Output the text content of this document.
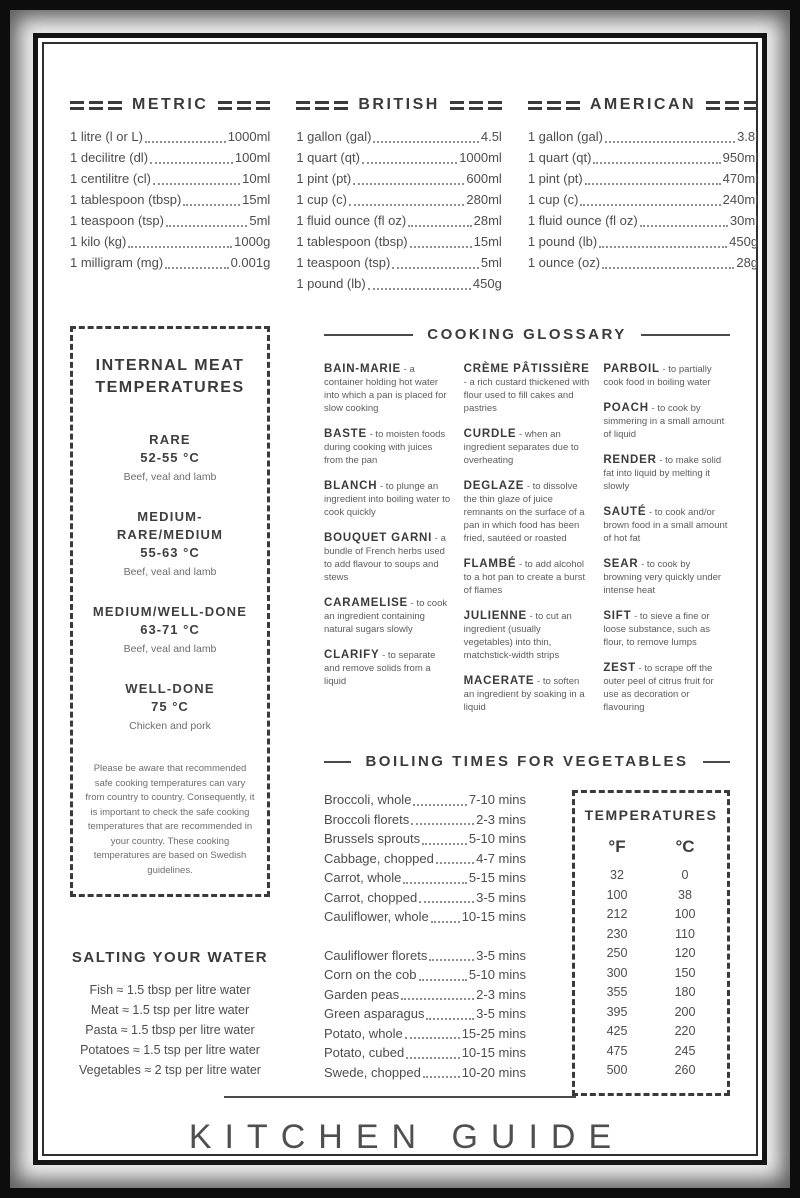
METRIC
1 litre (l or L)	1000ml
1 decilitre (dl)	100ml
1 centilitre (cl)	10ml
1 tablespoon (tbsp)	15ml
1 teaspoon (tsp)	5ml
1 kilo (kg)	1000g
1 milligram (mg)	0.001g
BRITISH
1 gallon (gal)	4.5l
1 quart (qt)	1000ml
1 pint (pt)	600ml
1 cup (c)	280ml
1 fluid ounce (fl oz)	28ml
1 tablespoon (tbsp)	15ml
1 teaspoon (tsp)	5ml
1 pound (lb)	450g
AMERICAN
1 gallon (gal)	3.8l
1 quart (qt)	950ml
1 pint (pt)	470ml
1 cup (c)	240ml
1 fluid ounce (fl oz)	30ml
1 pound (lb)	450g
1 ounce (oz)	28g
INTERNAL MEAT TEMPERATURES
RARE
52-55 °C
Beef, veal and lamb
MEDIUM-RARE/MEDIUM
55-63 °C
Beef, veal and lamb
MEDIUM/WELL-DONE
63-71 °C
Beef, veal and lamb
WELL-DONE
75 °C
Chicken and pork
Please be aware that recommended safe cooking temperatures can vary from country to country. Consequently, it is important to check the safe cooking temperatures that are recommended in your country. These cooking temperatures are based on Swedish guidelines.
SALTING YOUR WATER
Fish ≈ 1.5 tbsp per litre water
Meat ≈ 1.5 tsp per litre water
Pasta ≈ 1.5 tbsp per litre water
Potatoes ≈ 1.5 tsp per litre water
Vegetables ≈ 2 tsp per litre water
COOKING GLOSSARY

BAIN-MARIE - a container holding hot water into which a pan is placed for slow cooking

BASTE - to moisten foods during cooking with juices from the pan

BLANCH - to plunge an ingredient into boiling water to cook quickly

BOUQUET GARNI - a bundle of French herbs used to add flavour to soups and stews

CARAMELISE - to cook an ingredient containing natural sugars slowly

CLARIFY - to separate and remove solids from a liquid

CRÈME PÂTISSIÈRE - a rich custard thickened with flour used to fill cakes and pastries

CURDLE - when an ingredient separates due to overheating

DEGLAZE - to dissolve the thin glaze of juice remnants on the surface of a pan in which food has been fried, sautéed or roasted

FLAMBÉ - to add alcohol to a hot pan to create a burst of flames

JULIENNE - to cut an ingredient (usually vegetables) into thin, matchstick-width strips

MACERATE - to soften an ingredient by soaking in a liquid

PARBOIL - to partially cook food in boiling water

POACH - to cook by simmering in a small amount of liquid

RENDER - to make solid fat into liquid by melting it slowly

SAUTÉ - to cook and/or brown food in a small amount of hot fat

SEAR - to cook by browning very quickly under intense heat

SIFT - to sieve a fine or loose substance, such as flour, to remove lumps

ZEST - to scrape off the outer peel of citrus fruit for use as decoration or flavouring

BOILING TIMES FOR VEGETABLES
Broccoli, whole	7-10 mins
Broccoli florets	2-3 mins
Brussels sprouts	5-10 mins
Cabbage, chopped	4-7 mins
Carrot, whole	5-15 mins
Carrot, chopped	3-5 mins
Cauliflower, whole	10-15 mins
Cauliflower florets	3-5 mins
Corn on the cob	5-10 mins
Garden peas	2-3 mins
Green asparagus	3-5 mins
Potato, whole	15-25 mins
Potato, cubed	10-15 mins
Swede, chopped	10-20 mins
TEMPERATURES
°F	°C
32	0
100	38
212	100
230	110
250	120
300	150
355	180
395	200
425	220
475	245
500	260
KITCHEN GUIDE
